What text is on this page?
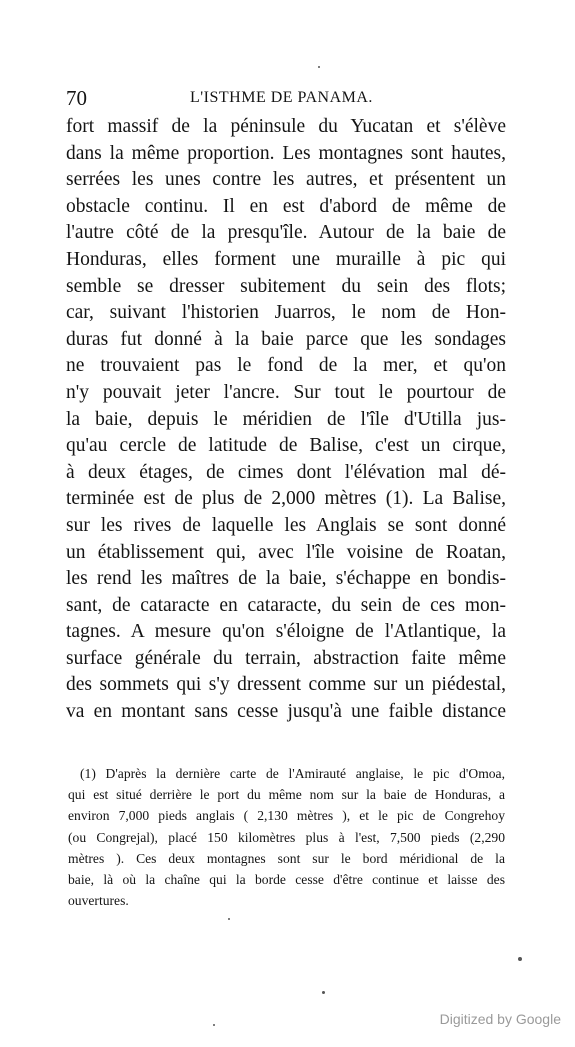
70	L'ISTHME DE PANAMA.
fort massif de la péninsule du Yucatan et s'élève
dans la même proportion. Les montagnes sont hautes,
serrées les unes contre les autres, et présentent un
obstacle continu. Il en est d'abord de même de
l'autre côté de la presqu'île. Autour de la baie de
Honduras, elles forment une muraille à pic qui
semble se dresser subitement du sein des flots;
car, suivant l'historien Juarros, le nom de Hon-
duras fut donné à la baie parce que les sondages
ne trouvaient pas le fond de la mer, et qu'on
n'y pouvait jeter l'ancre. Sur tout le pourtour de
la baie, depuis le méridien de l'île d'Utilla jus-
qu'au cercle de latitude de Balise, c'est un cirque,
à deux étages, de cimes dont l'élévation mal dé-
terminée est de plus de 2,000 mètres (1). La Balise,
sur les rives de laquelle les Anglais se sont donné
un établissement qui, avec l'île voisine de Roatan,
les rend les maîtres de la baie, s'échappe en bondis-
sant, de cataracte en cataracte, du sein de ces mon-
tagnes. A mesure qu'on s'éloigne de l'Atlantique, la
surface générale du terrain, abstraction faite même
des sommets qui s'y dressent comme sur un piédestal,
va en montant sans cesse jusqu'à une faible distance
(1) D'après la dernière carte de l'Amirauté anglaise, le pic d'Omoa,
qui est situé derrière le port du même nom sur la baie de Honduras, a
environ 7,000 pieds anglais ( 2,130 mètres ), et le pic de Congrehoy
(ou Congrejal), placé 150 kilomètres plus à l'est, 7,500 pieds (2,290
mètres ). Ces deux montagnes sont sur le bord méridional de la
baie, là où la chaîne qui la borde cesse d'être continue et laisse des
ouvertures.
Digitized by Google
